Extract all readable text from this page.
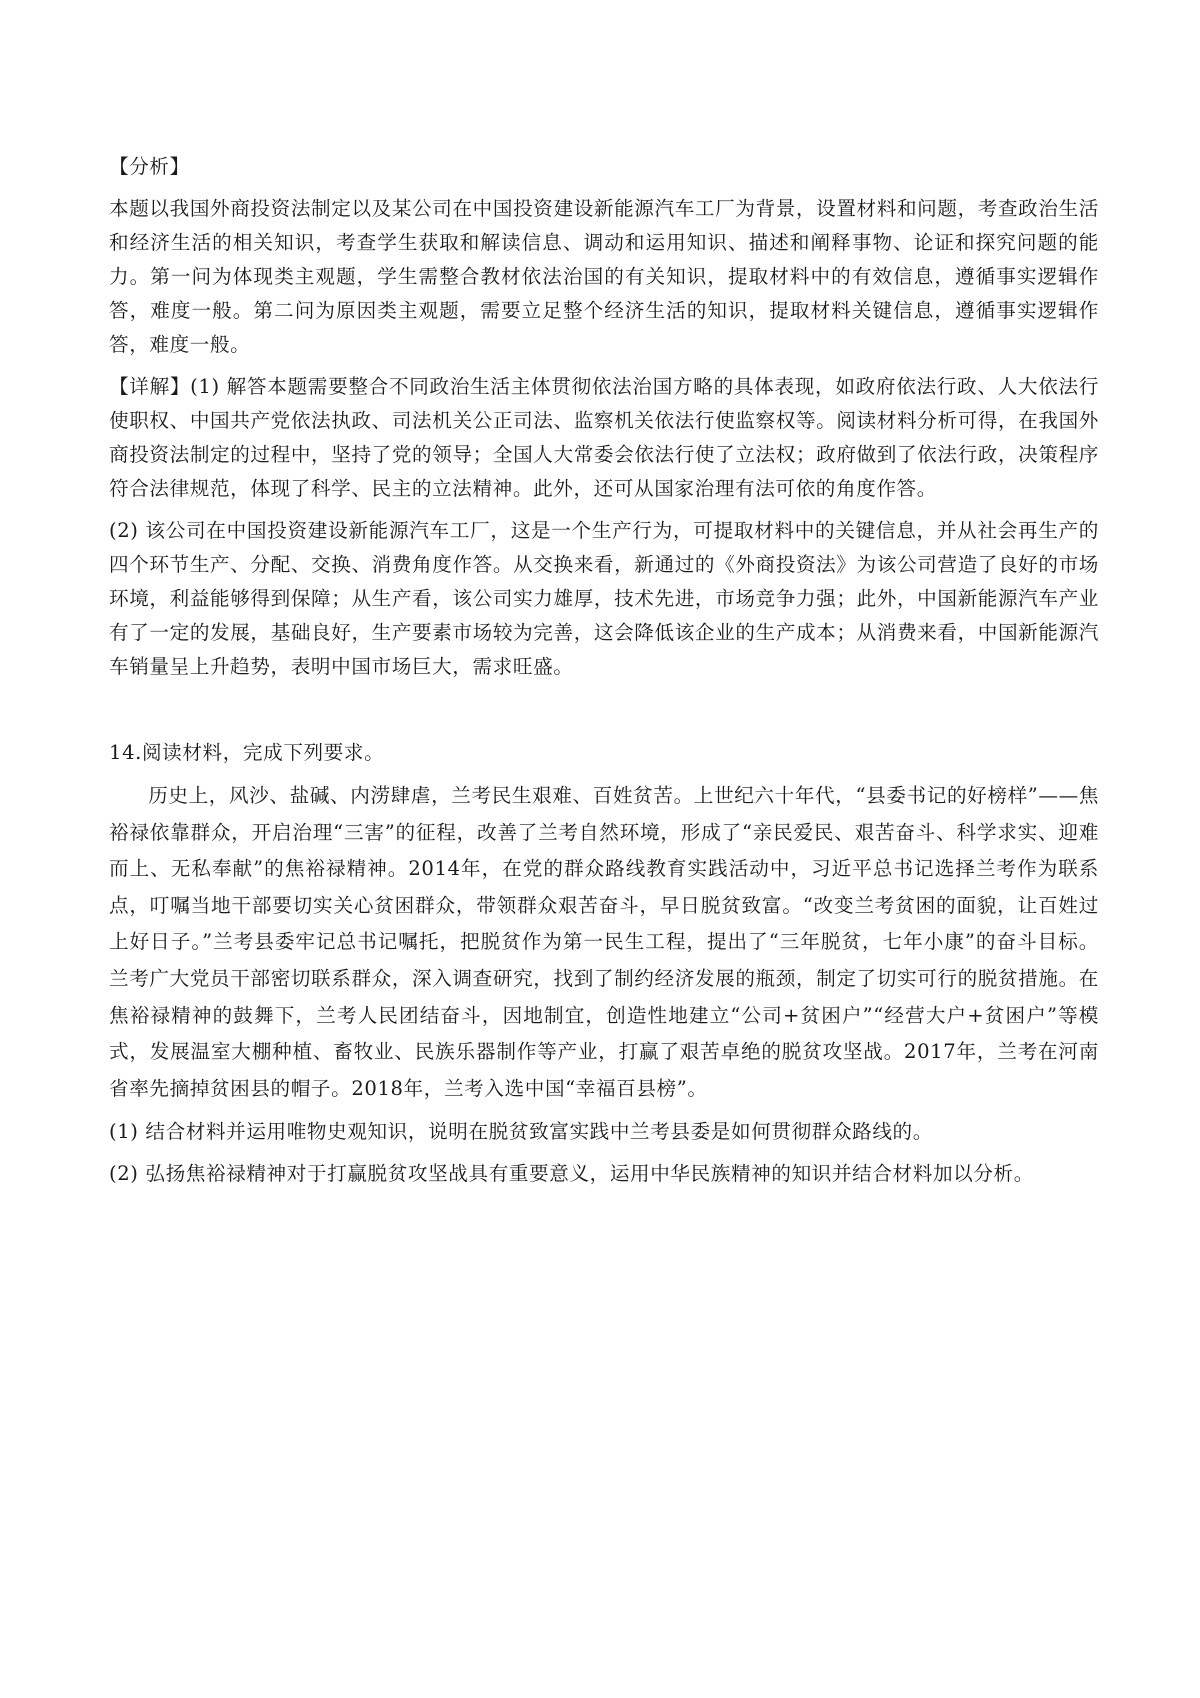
【分析】

本题以我国外商投资法制定以及某公司在中国投资建设新能源汽车工厂为背景，设置材料和问题，考查政治生活和经济生活的相关知识，考查学生获取和解读信息、调动和运用知识、描述和阐释事物、论证和探究问题的能力。第一问为体现类主观题，学生需整合教材依法治国的有关知识，提取材料中的有效信息，遵循事实逻辑作答，难度一般。第二问为原因类主观题，需要立足整个经济生活的知识，提取材料关键信息，遵循事实逻辑作答，难度一般。

【详解】(1) 解答本题需要整合不同政治生活主体贯彻依法治国方略的具体表现，如政府依法行政、人大依法行使职权、中国共产党依法执政、司法机关公正司法、监察机关依法行使监察权等。阅读材料分析可得，在我国外商投资法制定的过程中，坚持了党的领导；全国人大常委会依法行使了立法权；政府做到了依法行政，决策程序符合法律规范，体现了科学、民主的立法精神。此外，还可从国家治理有法可依的角度作答。

(2) 该公司在中国投资建设新能源汽车工厂，这是一个生产行为，可提取材料中的关键信息，并从社会再生产的四个环节生产、分配、交换、消费角度作答。从交换来看，新通过的《外商投资法》为该公司营造了良好的市场环境，利益能够得到保障；从生产看，该公司实力雄厚，技术先进，市场竞争力强；此外，中国新能源汽车产业有了一定的发展，基础良好，生产要素市场较为完善，这会降低该企业的生产成本；从消费来看，中国新能源汽车销量呈上升趋势，表明中国市场巨大，需求旺盛。

14.阅读材料，完成下列要求。

历史上，风沙、盐碱、内涝肆虐，兰考民生艰难、百姓贫苦。上世纪六十年代，“县委书记的好榜样”——焦裕禄依靠群众，开启治理“三害”的征程，改善了兰考自然环境，形成了“亲民爱民、艰苦奋斗、科学求实、迎难而上、无私奉献”的焦裕禄精神。2014年，在党的群众路线教育实践活动中，习近平总书记选择兰考作为联系点，叮嘱当地干部要切实关心贫困群众，带领群众艰苦奋斗，早日脱贫致富。“改变兰考贫困的面貌，让百姓过上好日子。”兰考县委牢记总书记嘱托，把脱贫作为第一民生工程，提出了“三年脱贫，七年小康”的奋斗目标。兰考广大党员干部密切联系群众，深入调查研究，找到了制约经济发展的瓶颈，制定了切实可行的脱贫措施。在焦裕禄精神的鼓舞下，兰考人民团结奋斗，因地制宜，创造性地建立“公司+贫困户”“经营大户+贫困户”等模式，发展温室大棚种植、畜牧业、民族乐器制作等产业，打赢了艰苦卓绝的脱贫攻坚战。2017年，兰考在河南省率先摘掉贫困县的帽子。2018年，兰考入选中国“幸福百县榜”。

(1) 结合材料并运用唯物史观知识，说明在脱贫致富实践中兰考县委是如何贯彻群众路线的。

(2) 弘扬焦裕禄精神对于打赢脱贫攻坚战具有重要意义，运用中华民族精神的知识并结合材料加以分析。
